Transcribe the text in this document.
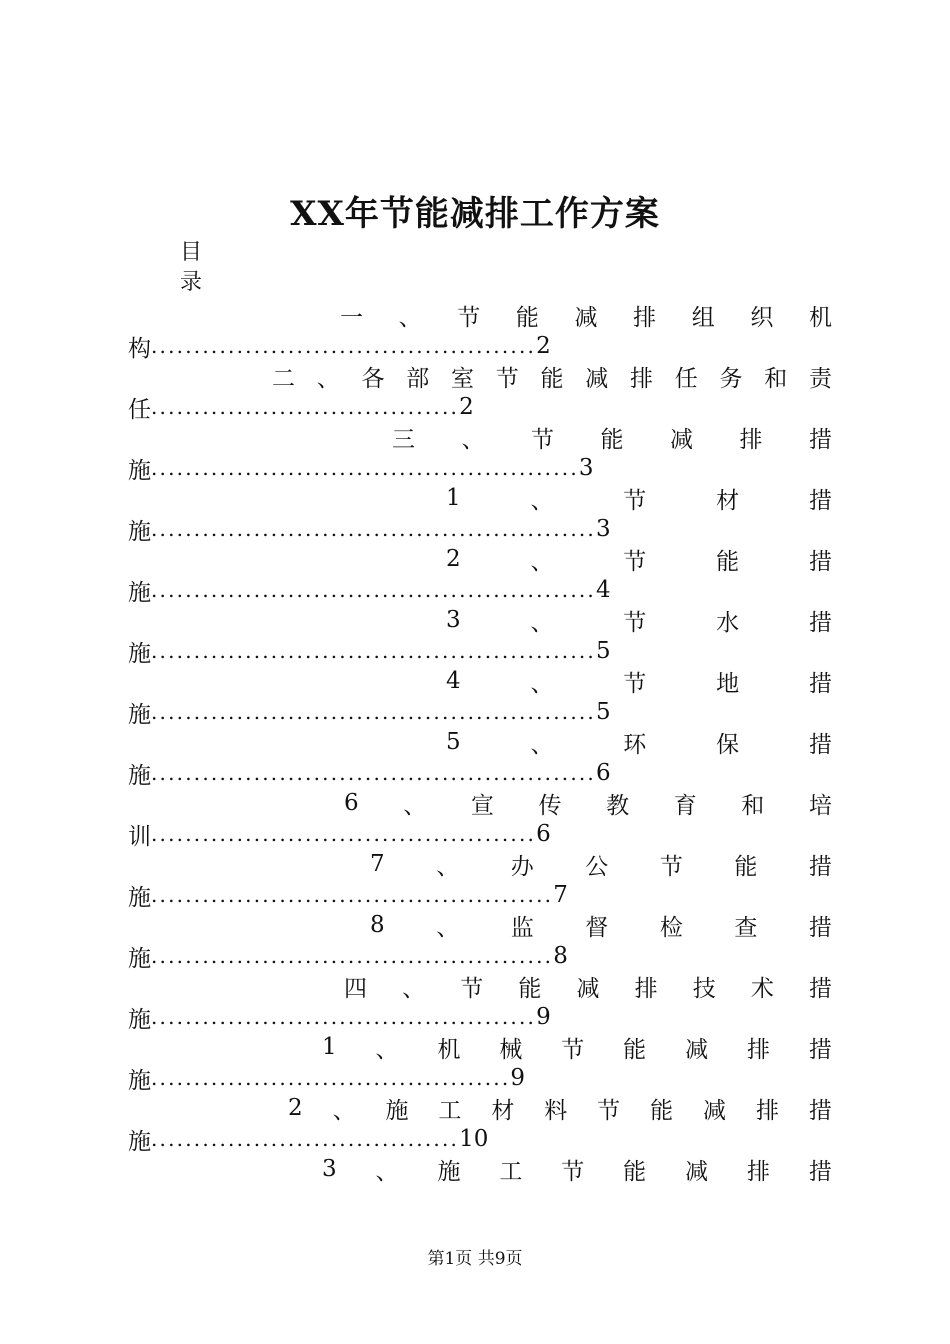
XX年节能减排工作方案
目
录
一 、 节 能 减 排 组 织 机
构 ............................................. 2
二 、 各 部 室 节 能 减 排 任 务 和 责
任 .................................... 2
三 、 节 能 减 排 措
施 .................................................. 3
1	、	节	材	措
施 .................................................... 3
2	、	节	能	措
施 .................................................... 4
3	、	节	水	措
施 .................................................... 5
4	、	节	地	措
施 .................................................... 5
5	、	环	保	措
施 .................................................... 6
6 、 宣 传 教 育 和 培
训 ............................................. 6
7 、 办 公 节 能 措
施 ............................................... 7
8 、 监 督 检 查 措
施 ............................................... 8
四 、 节 能 减 排 技 术 措
施 ............................................. 9
1 、 机 械 节 能 减 排 措
施 .......................................... 9
2 、 施 工 材 料 节 能 减 排 措
施 .................................... 10
3 、 施 工 节 能 减 排 措
第1页 共9页
